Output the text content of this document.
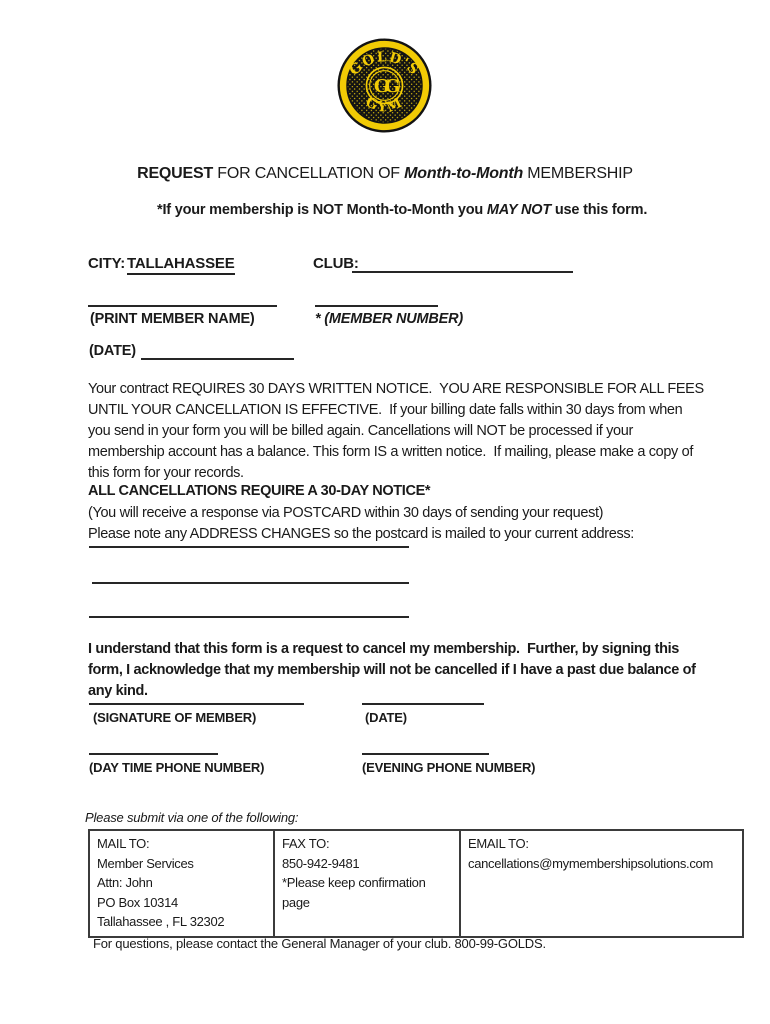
GOLD'S
GYM
GG
REQUEST FOR CANCELLATION OF Month-to-Month MEMBERSHIP
*If your membership is NOT Month-to-Month you MAY NOT use this form.
CITY: TALLAHASSEE	CLUB:
(PRINT MEMBER NAME)	* (MEMBER NUMBER)
(DATE)
Your contract REQUIRES 30 DAYS WRITTEN NOTICE.  YOU ARE RESPONSIBLE FOR ALL FEES UNTIL YOUR CANCELLATION IS EFFECTIVE.  If your billing date falls within 30 days from when you send in your form you will be billed again. Cancellations will NOT be processed if your membership account has a balance. This form IS a written notice.  If mailing, please make a copy of this form for your records.
ALL CANCELLATIONS REQUIRE A 30-DAY NOTICE*
(You will receive a response via POSTCARD within 30 days of sending your request)
Please note any ADDRESS CHANGES so the postcard is mailed to your current address:
I understand that this form is a request to cancel my membership.  Further, by signing this form, I acknowledge that my membership will not be cancelled if I have a past due balance of any kind.
(SIGNATURE OF MEMBER)	(DATE)
(DAY TIME PHONE NUMBER)	(EVENING PHONE NUMBER)
Please submit via one of the following:
MAIL TO:
Member Services
Attn: John
PO Box 10314
Tallahassee , FL 32302

FAX TO:
850-942-9481
*Please keep confirmation
page

EMAIL TO:
cancellations@mymembershipsolutions.com
For questions, please contact the General Manager of your club. 800-99-GOLDS.
